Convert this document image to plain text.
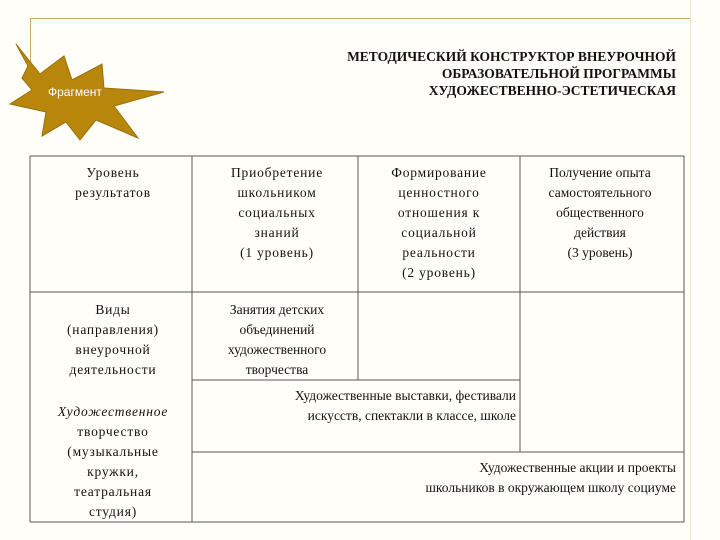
Фрагмент
МЕТОДИЧЕСКИЙ КОНСТРУКТОР ВНЕУРОЧНОЙ
ОБРАЗОВАТЕЛЬНОЙ ПРОГРАММЫ
ХУДОЖЕСТВЕННО-ЭСТЕТИЧЕСКАЯ
Уровень
результатов
Приобретение
школьником
социальных
знаний
(1 уровень)
Формирование
ценностного
отношения к
социальной
реальности
(2 уровень)
Получение опыта
самостоятельного
общественного
действия
(3 уровень)
Виды
(направления)
внеурочной
деятельности
Занятия детских
объединений
художественного
творчества
Художественные выставки, фестивали
искусств, спектакли в классе, школе
Художественное
творчество
(музыкальные
кружки,
театральная
студия)
Художественные акции и проекты
школьников в окружающем школу социуме
